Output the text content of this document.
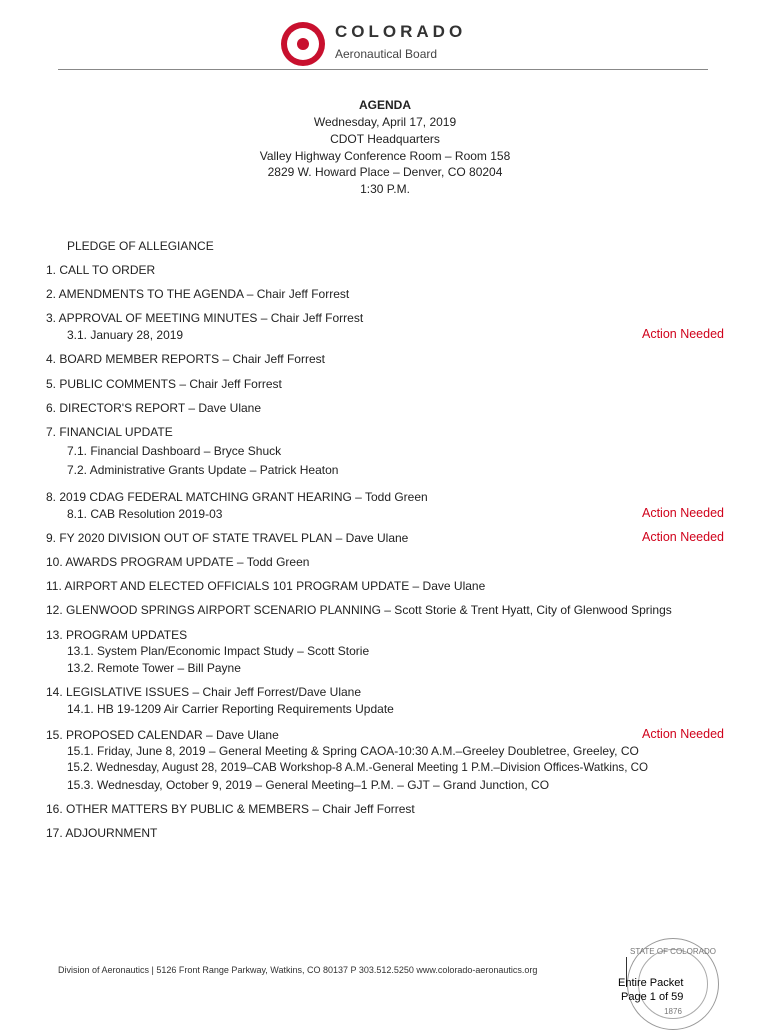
COLORADO
Aeronautical Board
AGENDA
Wednesday, April 17, 2019
CDOT Headquarters
Valley Highway Conference Room – Room 158
2829 W. Howard Place – Denver, CO 80204
1:30 P.M.
PLEDGE OF ALLEGIANCE
1. CALL TO ORDER
2. AMENDMENTS TO THE AGENDA – Chair Jeff Forrest
3. APPROVAL OF MEETING MINUTES – Chair Jeff Forrest
3.1. January 28, 2019	Action Needed
4. BOARD MEMBER REPORTS – Chair Jeff Forrest
5. PUBLIC COMMENTS – Chair Jeff Forrest
6. DIRECTOR'S REPORT – Dave Ulane
7. FINANCIAL UPDATE
7.1. Financial Dashboard – Bryce Shuck
7.2. Administrative Grants Update – Patrick Heaton
8. 2019 CDAG FEDERAL MATCHING GRANT HEARING – Todd Green
8.1. CAB Resolution 2019-03	Action Needed
9. FY 2020 DIVISION OUT OF STATE TRAVEL PLAN – Dave Ulane	Action Needed
10. AWARDS PROGRAM UPDATE – Todd Green
11. AIRPORT AND ELECTED OFFICIALS 101 PROGRAM UPDATE – Dave Ulane
12. GLENWOOD SPRINGS AIRPORT SCENARIO PLANNING – Scott Storie & Trent Hyatt, City of Glenwood Springs
13. PROGRAM UPDATES
13.1. System Plan/Economic Impact Study – Scott Storie
13.2. Remote Tower – Bill Payne
14. LEGISLATIVE ISSUES – Chair Jeff Forrest/Dave Ulane
14.1. HB 19-1209 Air Carrier Reporting Requirements Update
15. PROPOSED CALENDAR – Dave Ulane	Action Needed
15.1. Friday, June 8, 2019 – General Meeting & Spring CAOA-10:30 A.M.–Greeley Doubletree, Greeley, CO
15.2. Wednesday, August 28, 2019–CAB Workshop-8 A.M.-General Meeting 1 P.M.–Division Offices-Watkins, CO
15.3. Wednesday, October 9, 2019 – General Meeting–1 P.M. – GJT – Grand Junction, CO
16. OTHER MATTERS BY PUBLIC & MEMBERS – Chair Jeff Forrest
17. ADJOURNMENT
Division of Aeronautics | 5126 Front Range Parkway, Watkins, CO 80137 P 303.512.5250 www.colorado-aeronautics.org
STATE OF COLORADO
1876
Entire Packet
Page 1 of 59
